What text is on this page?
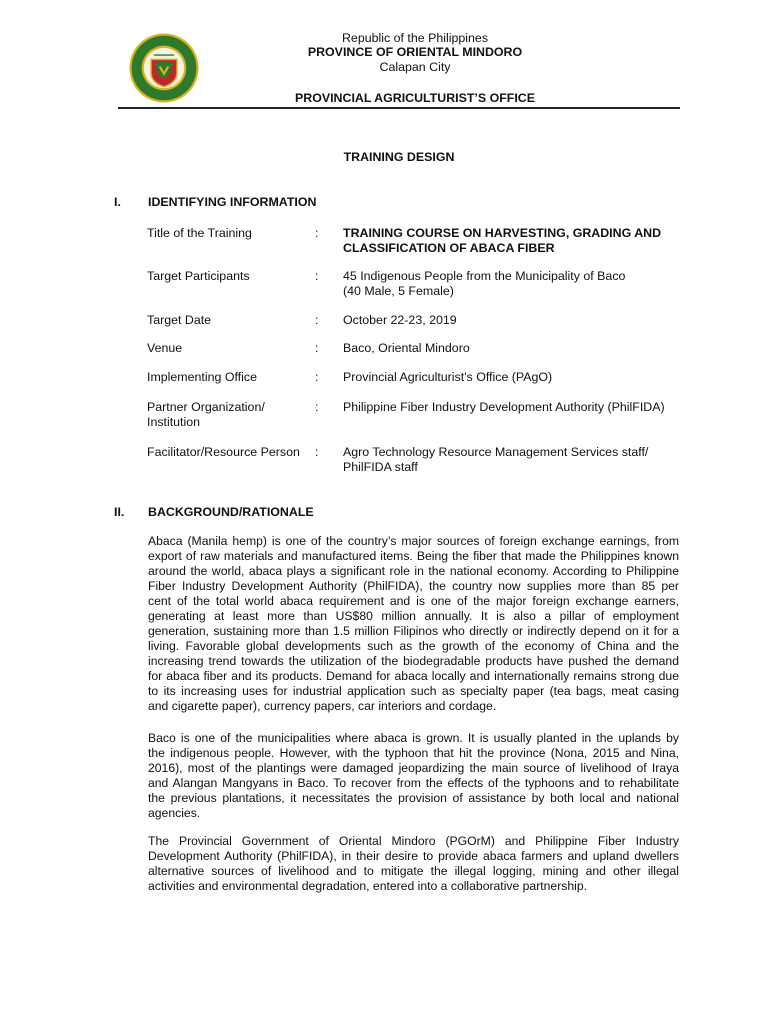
Republic of the Philippines
PROVINCE OF ORIENTAL MINDORO
Calapan City
PROVINCIAL AGRICULTURIST’S OFFICE
TRAINING DESIGN
I. IDENTIFYING INFORMATION
Title of the Training	: TRAINING COURSE ON HARVESTING, GRADING AND
CLASSIFICATION OF ABACA FIBER
Target Participants	: 45 Indigenous People from the Municipality of Baco
(40 Male, 5 Female)
Target Date	: October 22-23, 2019
Venue	: Baco, Oriental Mindoro
Implementing Office	: Provincial Agriculturist's Office (PAgO)
Partner Organization/
Institution
: Philippine Fiber Industry Development Authority (PhilFIDA)
Facilitator/Resource Person	: Agro Technology Resource Management Services staff/
PhilFIDA staff
II. BACKGROUND/RATIONALE
Abaca (Manila hemp) is one of the country’s major sources of foreign exchange earnings, from
export of raw materials and manufactured items. Being the fiber that made the Philippines known
around the world, abaca plays a significant role in the national economy. According to Philippine
Fiber Industry Development Authority (PhilFIDA), the country now supplies more than 85 per
cent of the total world abaca requirement and is one of the major foreign exchange earners,
generating at least more than US$80 million annually. It is also a pillar of employment
generation, sustaining more than 1.5 million Filipinos who directly or indirectly depend on it for a
living. Favorable global developments such as the growth of the economy of China and the
increasing trend towards the utilization of the biodegradable products have pushed the demand
for abaca fiber and its products. Demand for abaca locally and internationally remains strong due
to its increasing uses for industrial application such as specialty paper (tea bags, meat casing
and cigarette paper), currency papers, car interiors and cordage.
Baco is one of the municipalities where abaca is grown. It is usually planted in the uplands by
the indigenous people. However, with the typhoon that hit the province (Nona, 2015 and Nina,
2016), most of the plantings were damaged jeopardizing the main source of livelihood of Iraya
and Alangan Mangyans in Baco. To recover from the effects of the typhoons and to rehabilitate
the previous plantations, it necessitates the provision of assistance by both local and national
agencies.
The Provincial Government of Oriental Mindoro (PGOrM) and Philippine Fiber Industry
Development Authority (PhilFIDA), in their desire to provide abaca farmers and upland dwellers
alternative sources of livelihood and to mitigate the illegal logging, mining and other illegal
activities and environmental degradation, entered into a collaborative partnership.
